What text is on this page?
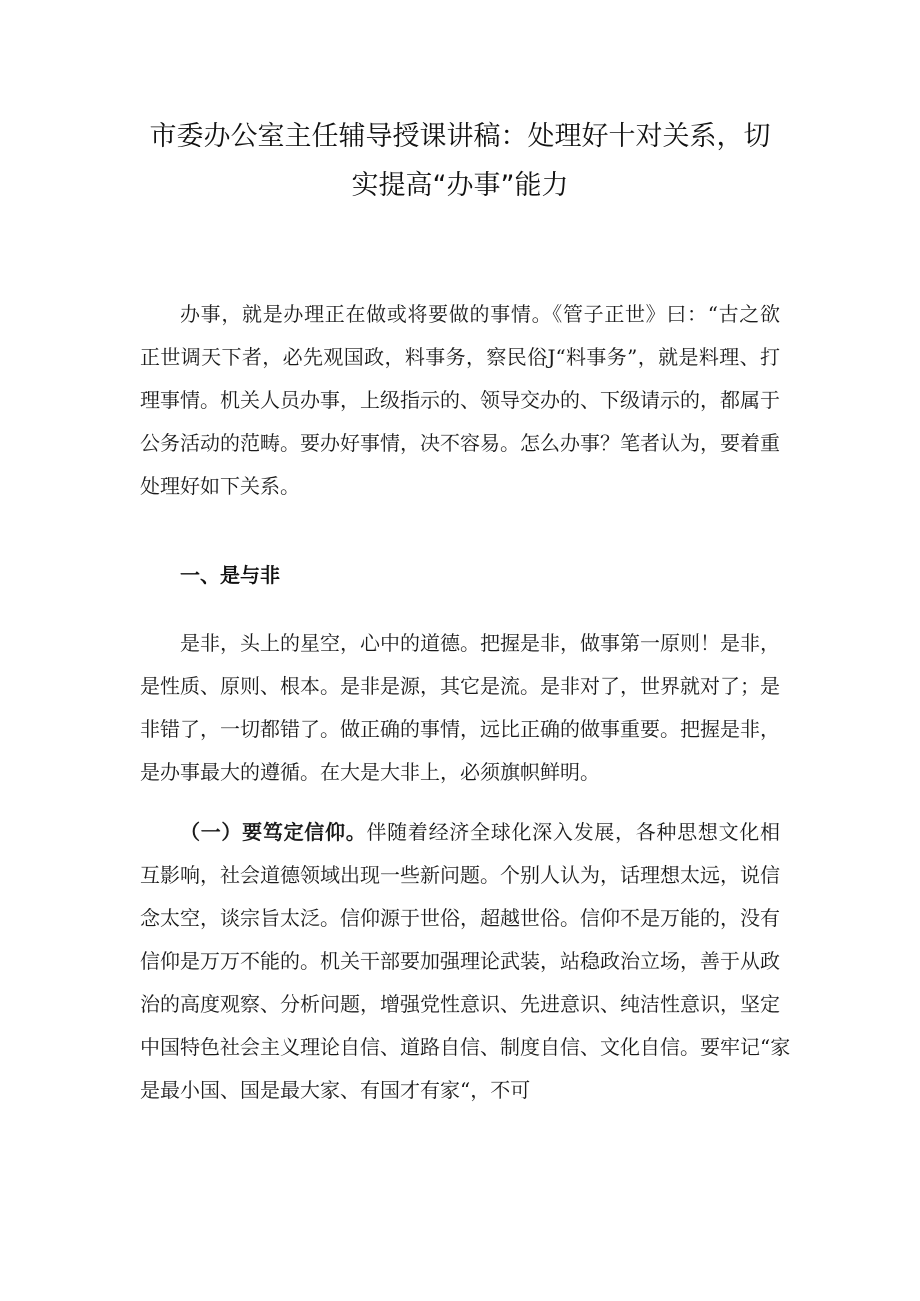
市委办公室主任辅导授课讲稿：处理好十对关系，切
实提高“办事”能力
办事，就是办理正在做或将要做的事情。《管子正世》曰：“古之欲
正世调天下者，必先观国政，料事务，察民俗J“料事务”，就是料理、打
理事情。机关人员办事，上级指示的、领导交办的、下级请示的，都属于
公务活动的范畴。要办好事情，决不容易。怎么办事？笔者认为，要着重
处理好如下关系。
一、是与非
是非，头上的星空，心中的道德。把握是非，做事第一原则！是非，
是性质、原则、根本。是非是源，其它是流。是非对了，世界就对了；是
非错了，一切都错了。做正确的事情，远比正确的做事重要。把握是非，
是办事最大的遵循。在大是大非上，必须旗帜鲜明。
（一）要笃定信仰。伴随着经济全球化深入发展，各种思想文化相
互影响，社会道德领域出现一些新问题。个别人认为，话理想太远，说信
念太空，谈宗旨太泛。信仰源于世俗，超越世俗。信仰不是万能的，没有
信仰是万万不能的。机关干部要加强理论武装，站稳政治立场，善于从政
治的高度观察、分析问题，增强党性意识、先进意识、纯洁性意识，坚定
中国特色社会主义理论自信、道路自信、制度自信、文化自信。要牢记“家
是最小国、国是最大家、有国才有家“，不可
